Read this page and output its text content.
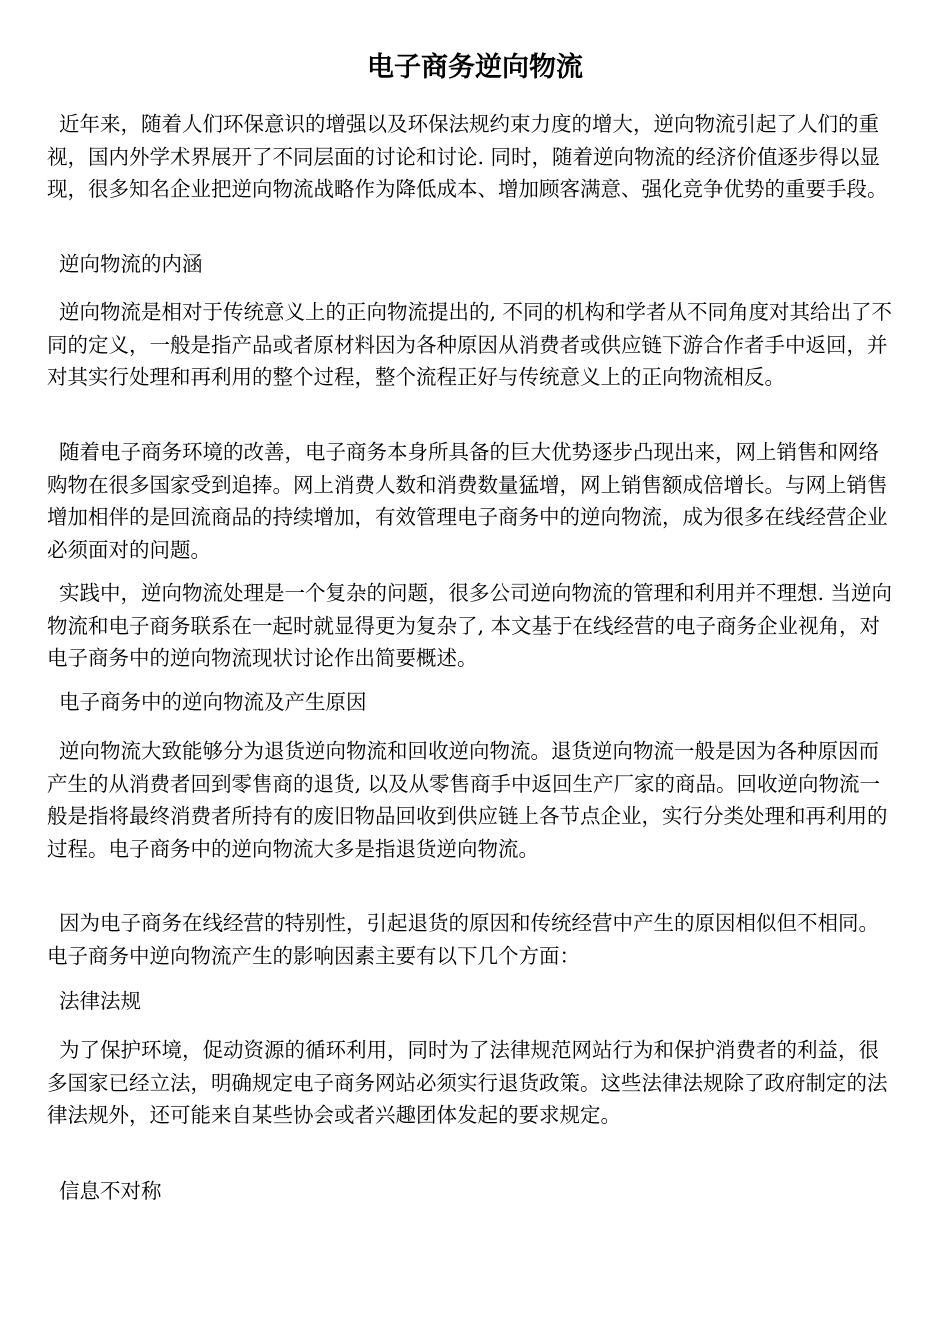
电子商务逆向物流

近年来，随着人们环保意识的增强以及环保法规约束力度的增大，逆向物流引起了人们的重视，国内外学术界展开了不同层面的讨论和讨论. 同时，随着逆向物流的经济价值逐步得以显现，很多知名企业把逆向物流战略作为降低成本、增加顾客满意、强化竞争优势的重要手段。

逆向物流的内涵

逆向物流是相对于传统意义上的正向物流提出的, 不同的机构和学者从不同角度对其给出了不同的定义，一般是指产品或者原材料因为各种原因从消费者或供应链下游合作者手中返回，并对其实行处理和再利用的整个过程，整个流程正好与传统意义上的正向物流相反。

随着电子商务环境的改善，电子商务本身所具备的巨大优势逐步凸现出来，网上销售和网络购物在很多国家受到追捧。网上消费人数和消费数量猛增，网上销售额成倍增长。与网上销售增加相伴的是回流商品的持续增加，有效管理电子商务中的逆向物流，成为很多在线经营企业必须面对的问题。

实践中，逆向物流处理是一个复杂的问题，很多公司逆向物流的管理和利用并不理想. 当逆向物流和电子商务联系在一起时就显得更为复杂了, 本文基于在线经营的电子商务企业视角，对电子商务中的逆向物流现状讨论作出简要概述。

电子商务中的逆向物流及产生原因

逆向物流大致能够分为退货逆向物流和回收逆向物流。退货逆向物流一般是因为各种原因而产生的从消费者回到零售商的退货, 以及从零售商手中返回生产厂家的商品。回收逆向物流一般是指将最终消费者所持有的废旧物品回收到供应链上各节点企业，实行分类处理和再利用的过程。电子商务中的逆向物流大多是指退货逆向物流。

因为电子商务在线经营的特别性，引起退货的原因和传统经营中产生的原因相似但不相同。电子商务中逆向物流产生的影响因素主要有以下几个方面：

法律法规

为了保护环境，促动资源的循环利用，同时为了法律规范网站行为和保护消费者的利益，很多国家已经立法，明确规定电子商务网站必须实行退货政策。这些法律法规除了政府制定的法律法规外，还可能来自某些协会或者兴趣团体发起的要求规定。

信息不对称
